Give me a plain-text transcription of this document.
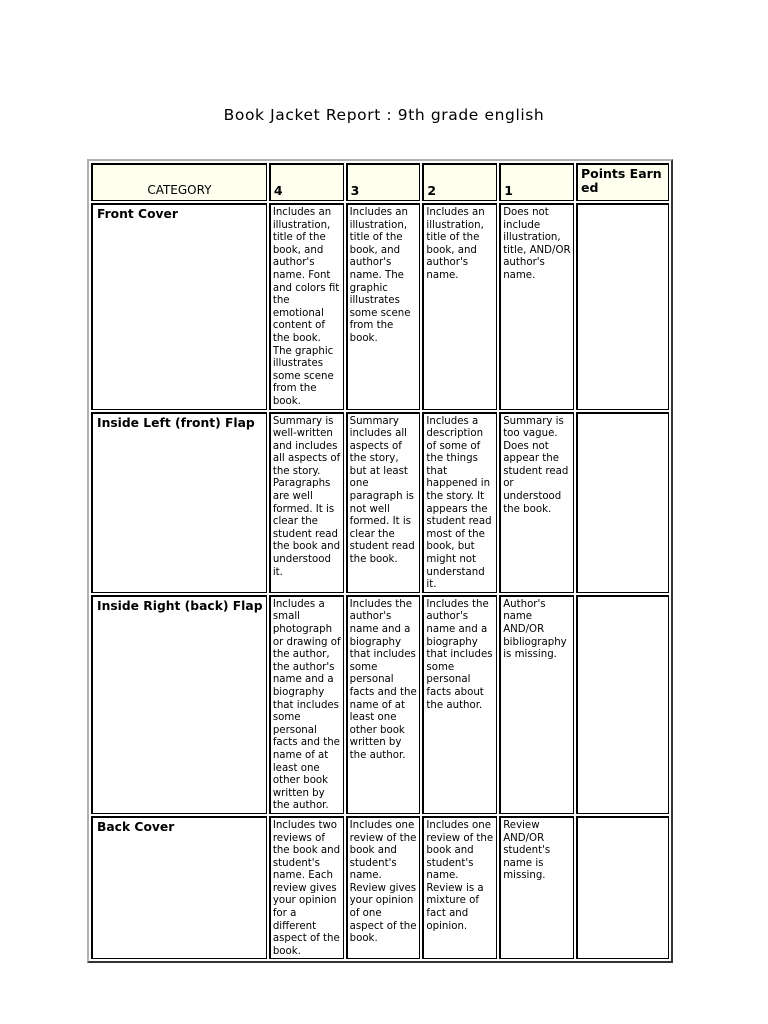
Book Jacket Report : 9th grade english
CATEGORY	4	3	2	1	Points Earned
Front Cover	Includes an illustration, title of the book, and author's name. Font and colors fit the emotional content of the book. The graphic illustrates some scene from the book.	Includes an illustration, title of the book, and author's name. The graphic illustrates some scene from the book.	Includes an illustration, title of the book, and author's name.	Does not include illustration, title, AND/OR author's name.	
Inside Left (front) Flap	Summary is well-written and includes all aspects of the story. Paragraphs are well formed. It is clear the student read the book and understood it.	Summary includes all aspects of the story, but at least one paragraph is not well formed. It is clear the student read the book.	Includes a description of some of the things that happened in the story. It appears the student read most of the book, but might not understand it.	Summary is too vague. Does not appear the student read or understood the book.	
Inside Right (back) Flap	Includes a small photograph or drawing of the author, the author's name and a biography that includes some personal facts and the name of at least one other book written by the author.	Includes the author's name and a biography that includes some personal facts and the name of at least one other book written by the author.	Includes the author's name and a biography that includes some personal facts about the author.	Author's name AND/OR bibliography is missing.	
Back Cover	Includes two reviews of the book and student's name. Each review gives your opinion for a different aspect of the book.	Includes one review of the book and student's name. Review gives your opinion of one aspect of the book.	Includes one review of the book and student's name. Review is a mixture of fact and opinion.	Review AND/OR student's name is missing.	
